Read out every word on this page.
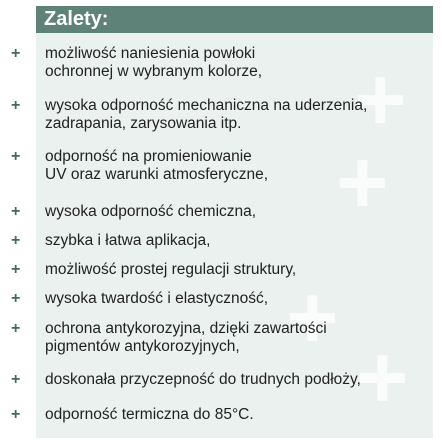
Zalety:
+
+
+
+
+ możliwość naniesienia powłoki ochronnej w wybranym kolorze,
+ wysoka odporność mechaniczna na uderzenia, zadrapania, zarysowania itp.
+ odporność na promieniowanie UV oraz warunki atmosferyczne,
+ wysoka odporność chemiczna,
+ szybka i łatwa aplikacja,
+ możliwość prostej regulacji struktury,
+ wysoka twardość i elastyczność,
+ ochrona antykorozyjna, dzięki zawartości pigmentów antykorozyjnych,
+ doskonała przyczepność do trudnych podłoży,
+ odporność termiczna do 85°C.
